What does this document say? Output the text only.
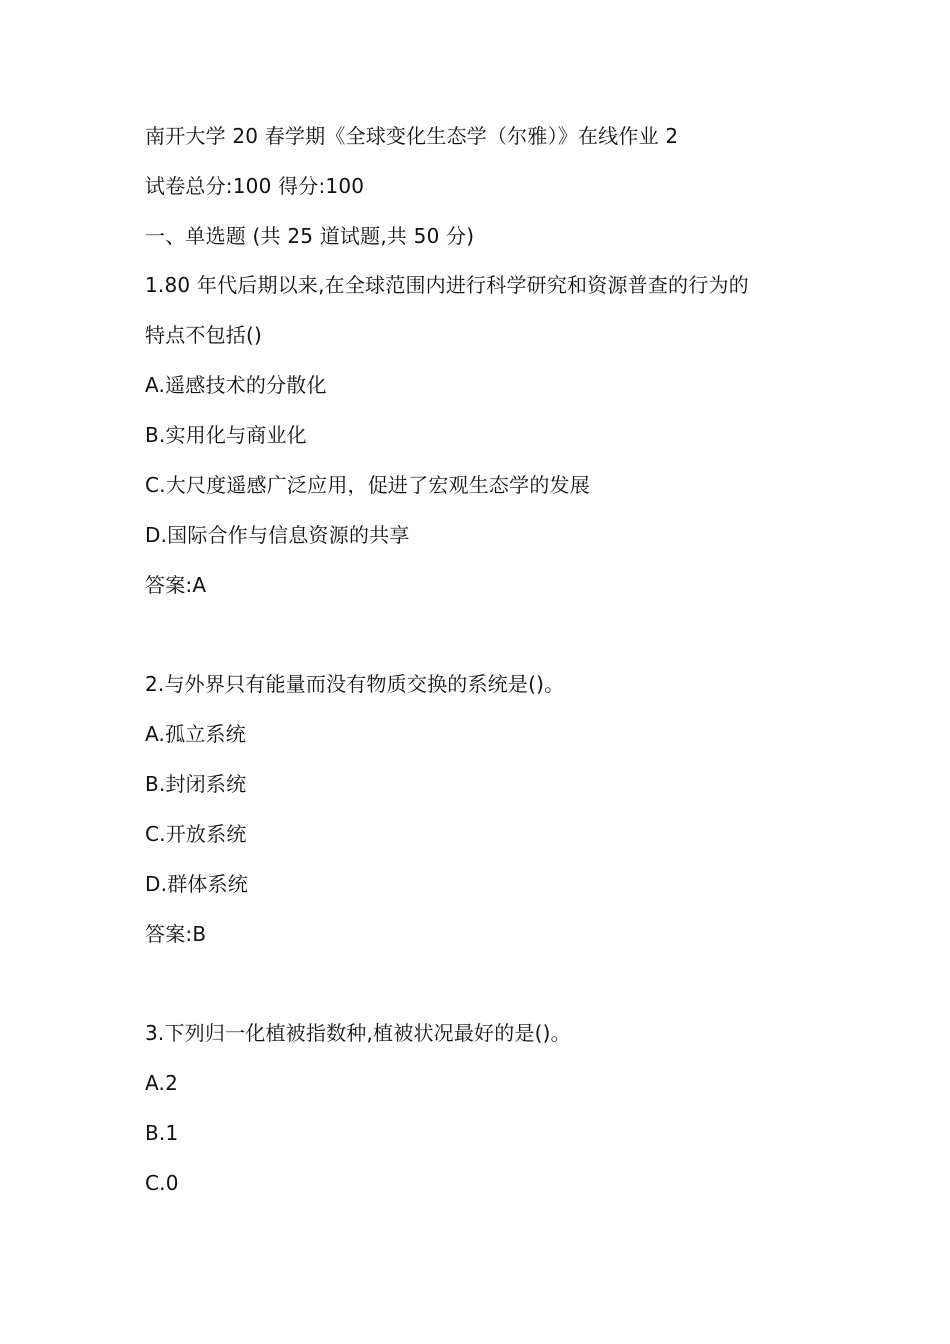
南开大学 20 春学期《全球变化生态学（尔雅）》在线作业 2
试卷总分:100 得分:100
一、单选题 (共 25 道试题,共 50 分)
1.80 年代后期以来,在全球范围内进行科学研究和资源普查的行为的
特点不包括()
A.遥感技术的分散化
B.实用化与商业化
C.大尺度遥感广泛应用，促进了宏观生态学的发展
D.国际合作与信息资源的共享
答案:A
2.与外界只有能量而没有物质交换的系统是()。
A.孤立系统
B.封闭系统
C.开放系统
D.群体系统
答案:B
3.下列归一化植被指数种,植被状况最好的是()。
A.2
B.1
C.0
